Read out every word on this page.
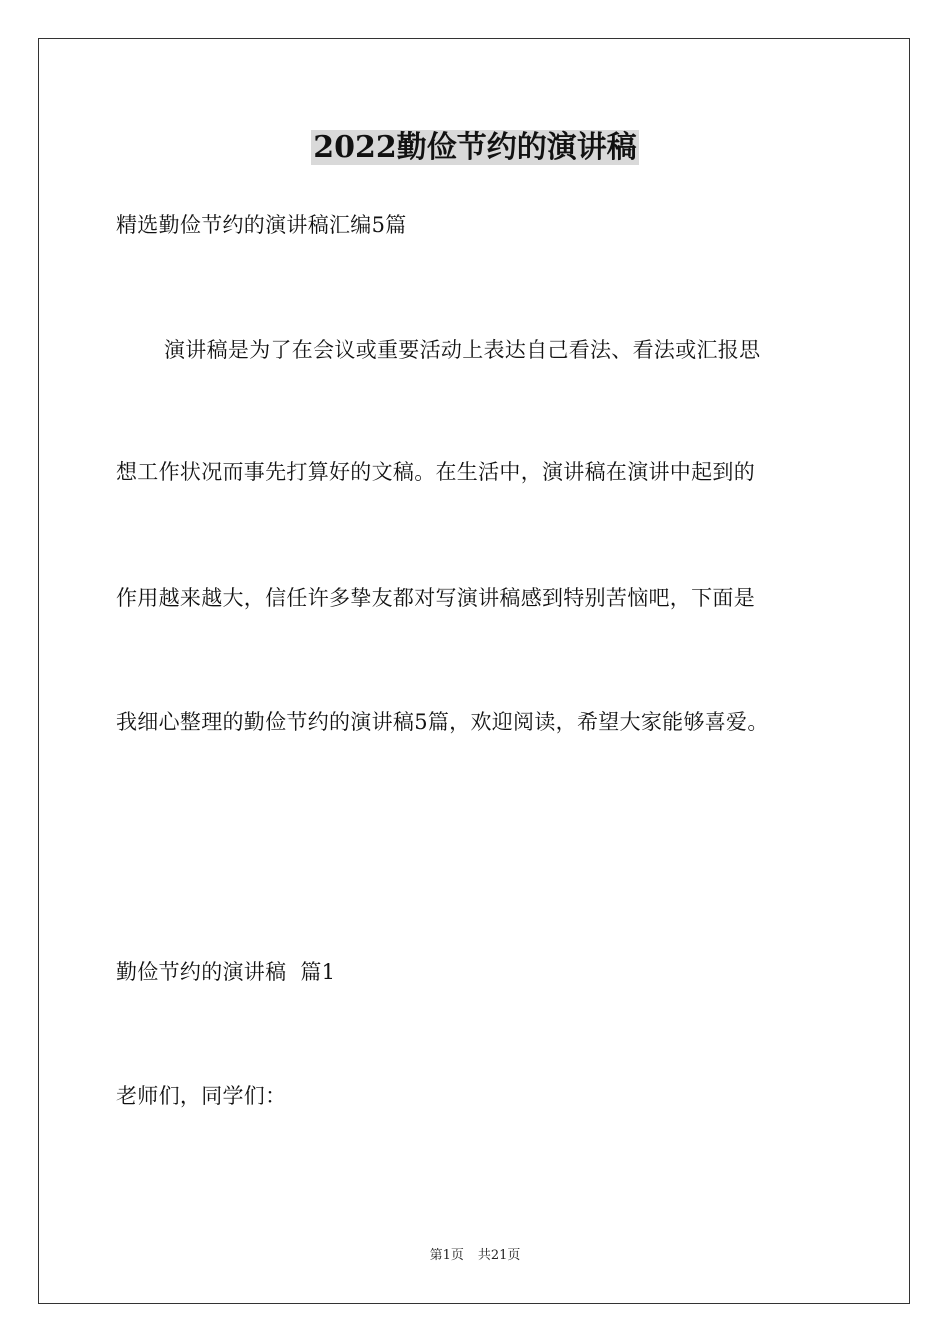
2022勤俭节约的演讲稿
精选勤俭节约的演讲稿汇编5篇
演讲稿是为了在会议或重要活动上表达自己看法、看法或汇报思
想工作状况而事先打算好的文稿。在生活中，演讲稿在演讲中起到的
作用越来越大，信任许多挚友都对写演讲稿感到特别苦恼吧，下面是
我细心整理的勤俭节约的演讲稿5篇，欢迎阅读，希望大家能够喜爱。
勤俭节约的演讲稿  篇1
老师们，同学们：
第1页 共21页
